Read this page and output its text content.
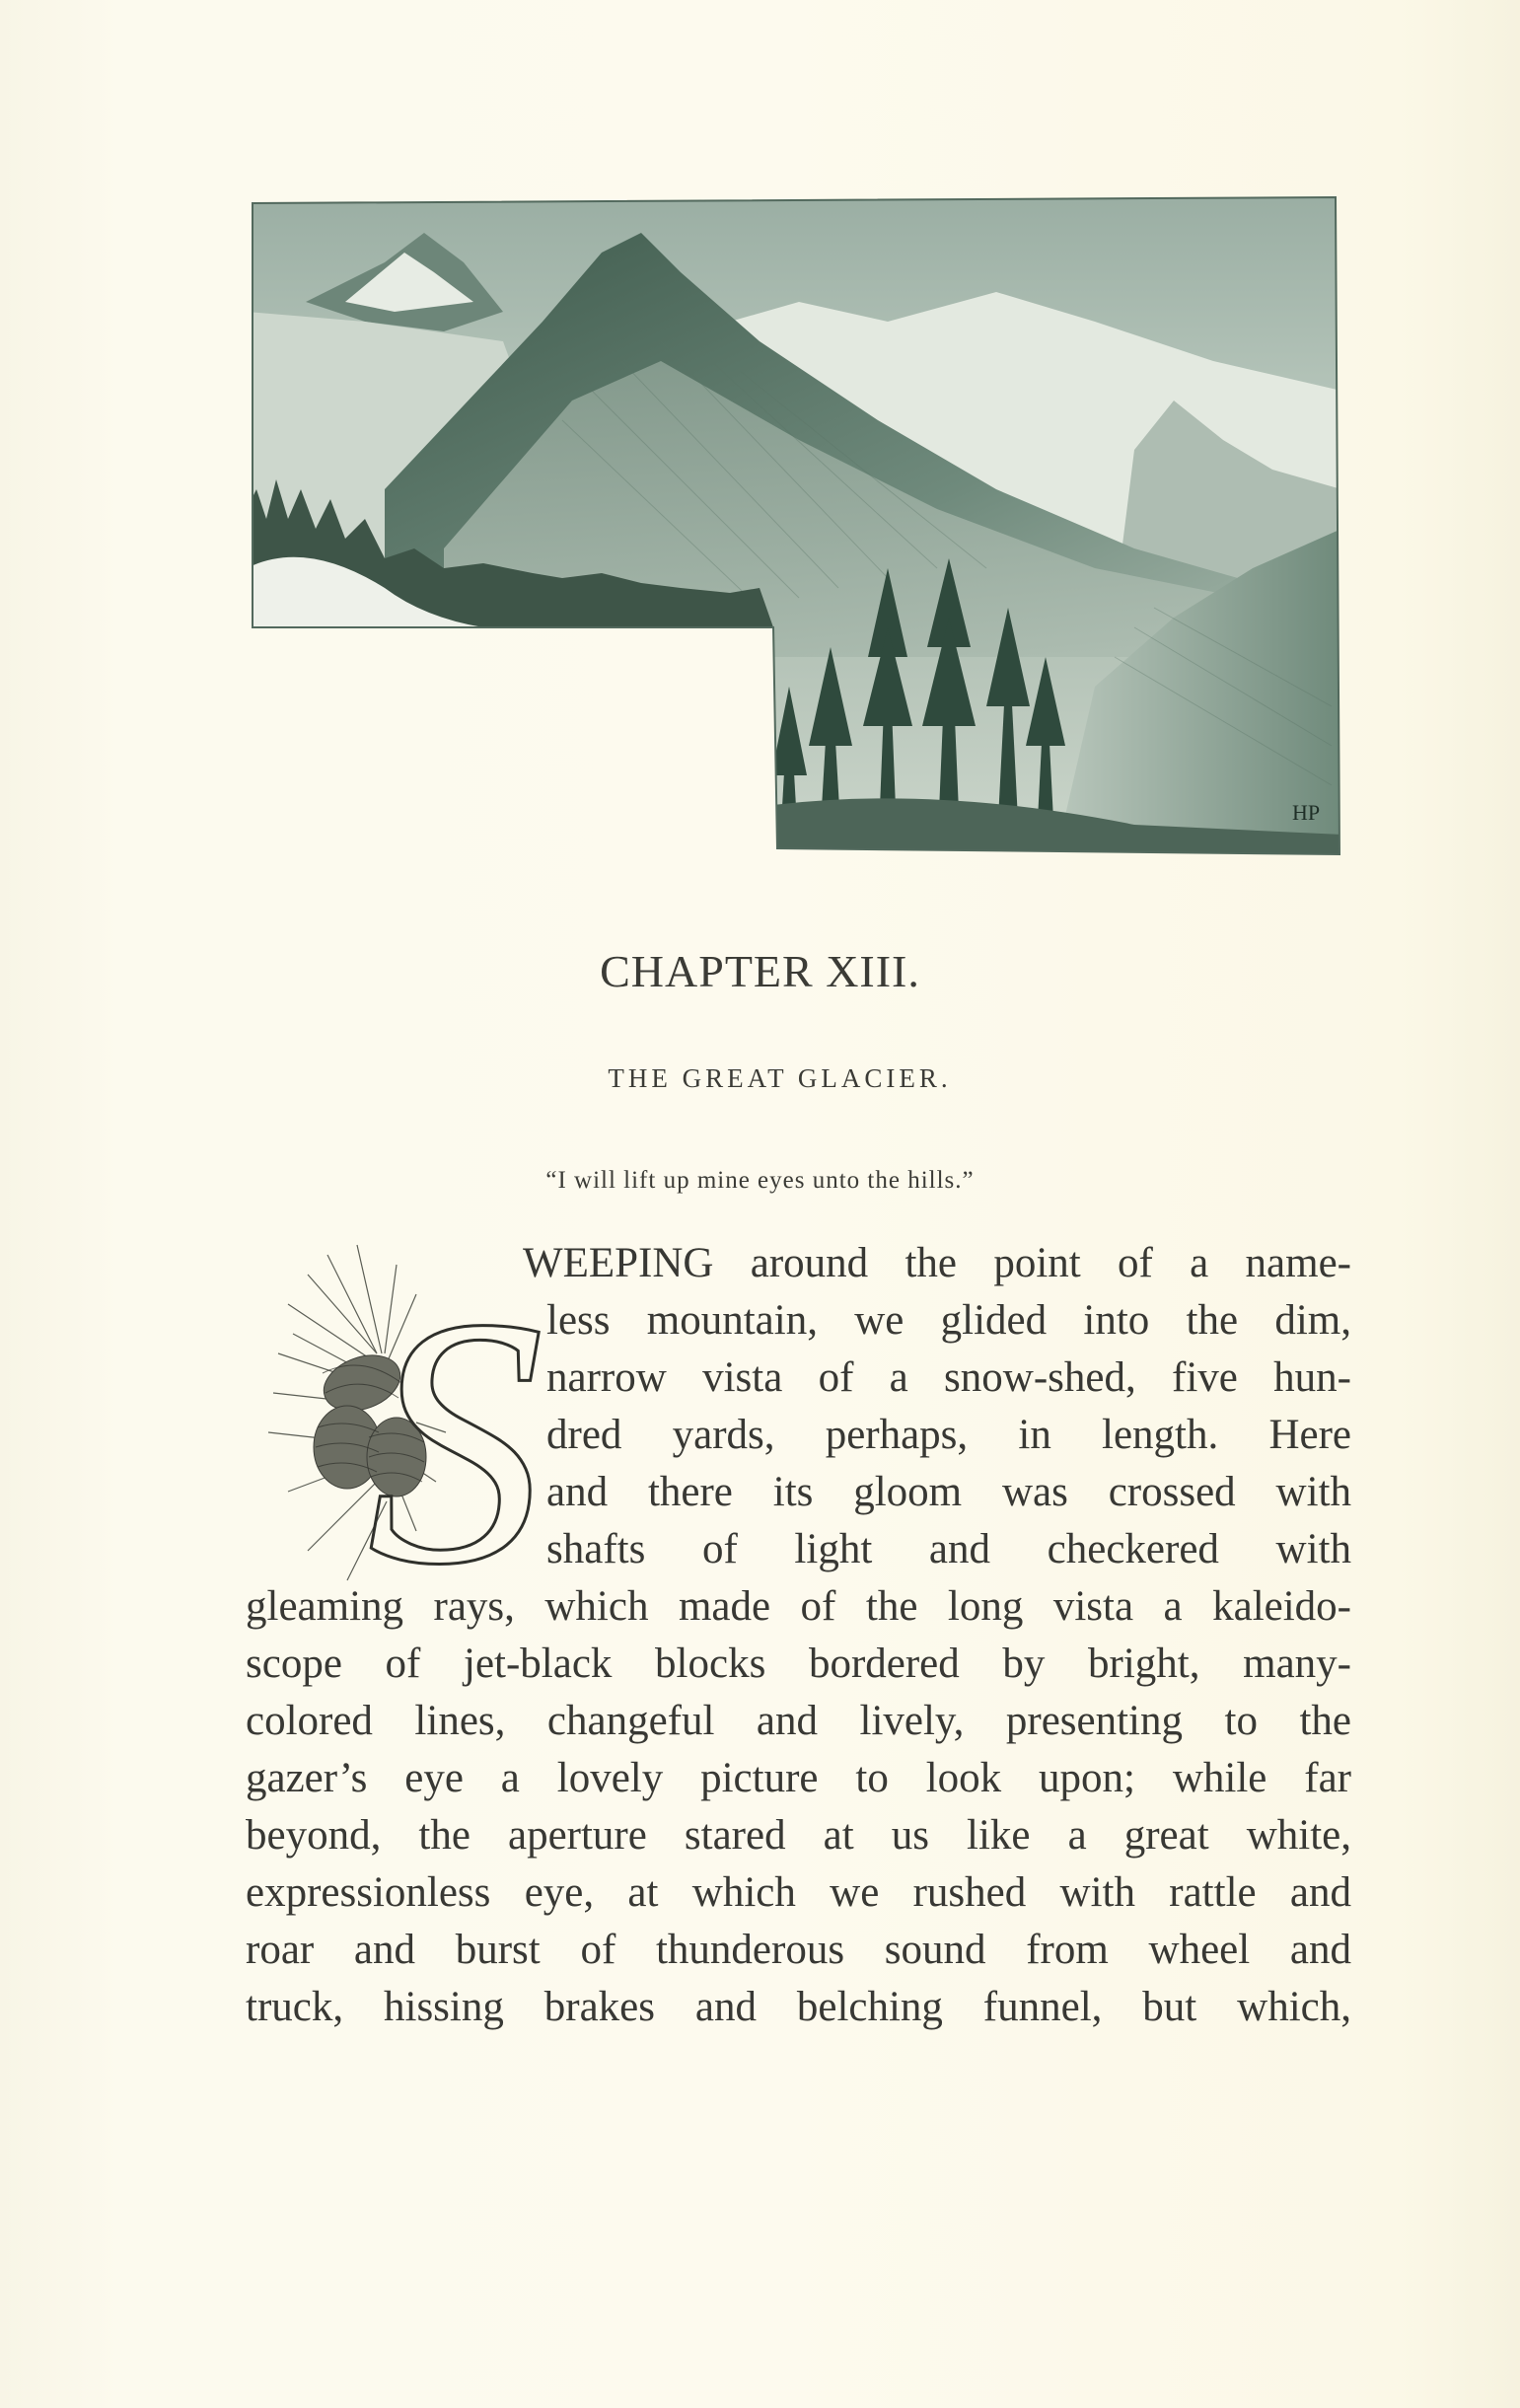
HP
CHAPTER XIII.
THE GREAT GLACIER.
“I will lift up mine eyes unto the hills.”
S

WEEPING around the point of a name-

less mountain, we glided into the dim,

narrow vista of a snow-shed, five hun-

dred yards, perhaps, in length. Here

and there its gloom was crossed with

shafts of light and checkered with

gleaming rays, which made of the long vista a kaleido-

scope of jet-black blocks bordered by bright, many-

colored lines, changeful and lively, presenting to the

gazer’s eye a lovely picture to look upon; while far

beyond, the aperture stared at us like a great white,

expressionless eye, at which we rushed with rattle and

roar and burst of thunderous sound from wheel and

truck, hissing brakes and belching funnel, but which,
